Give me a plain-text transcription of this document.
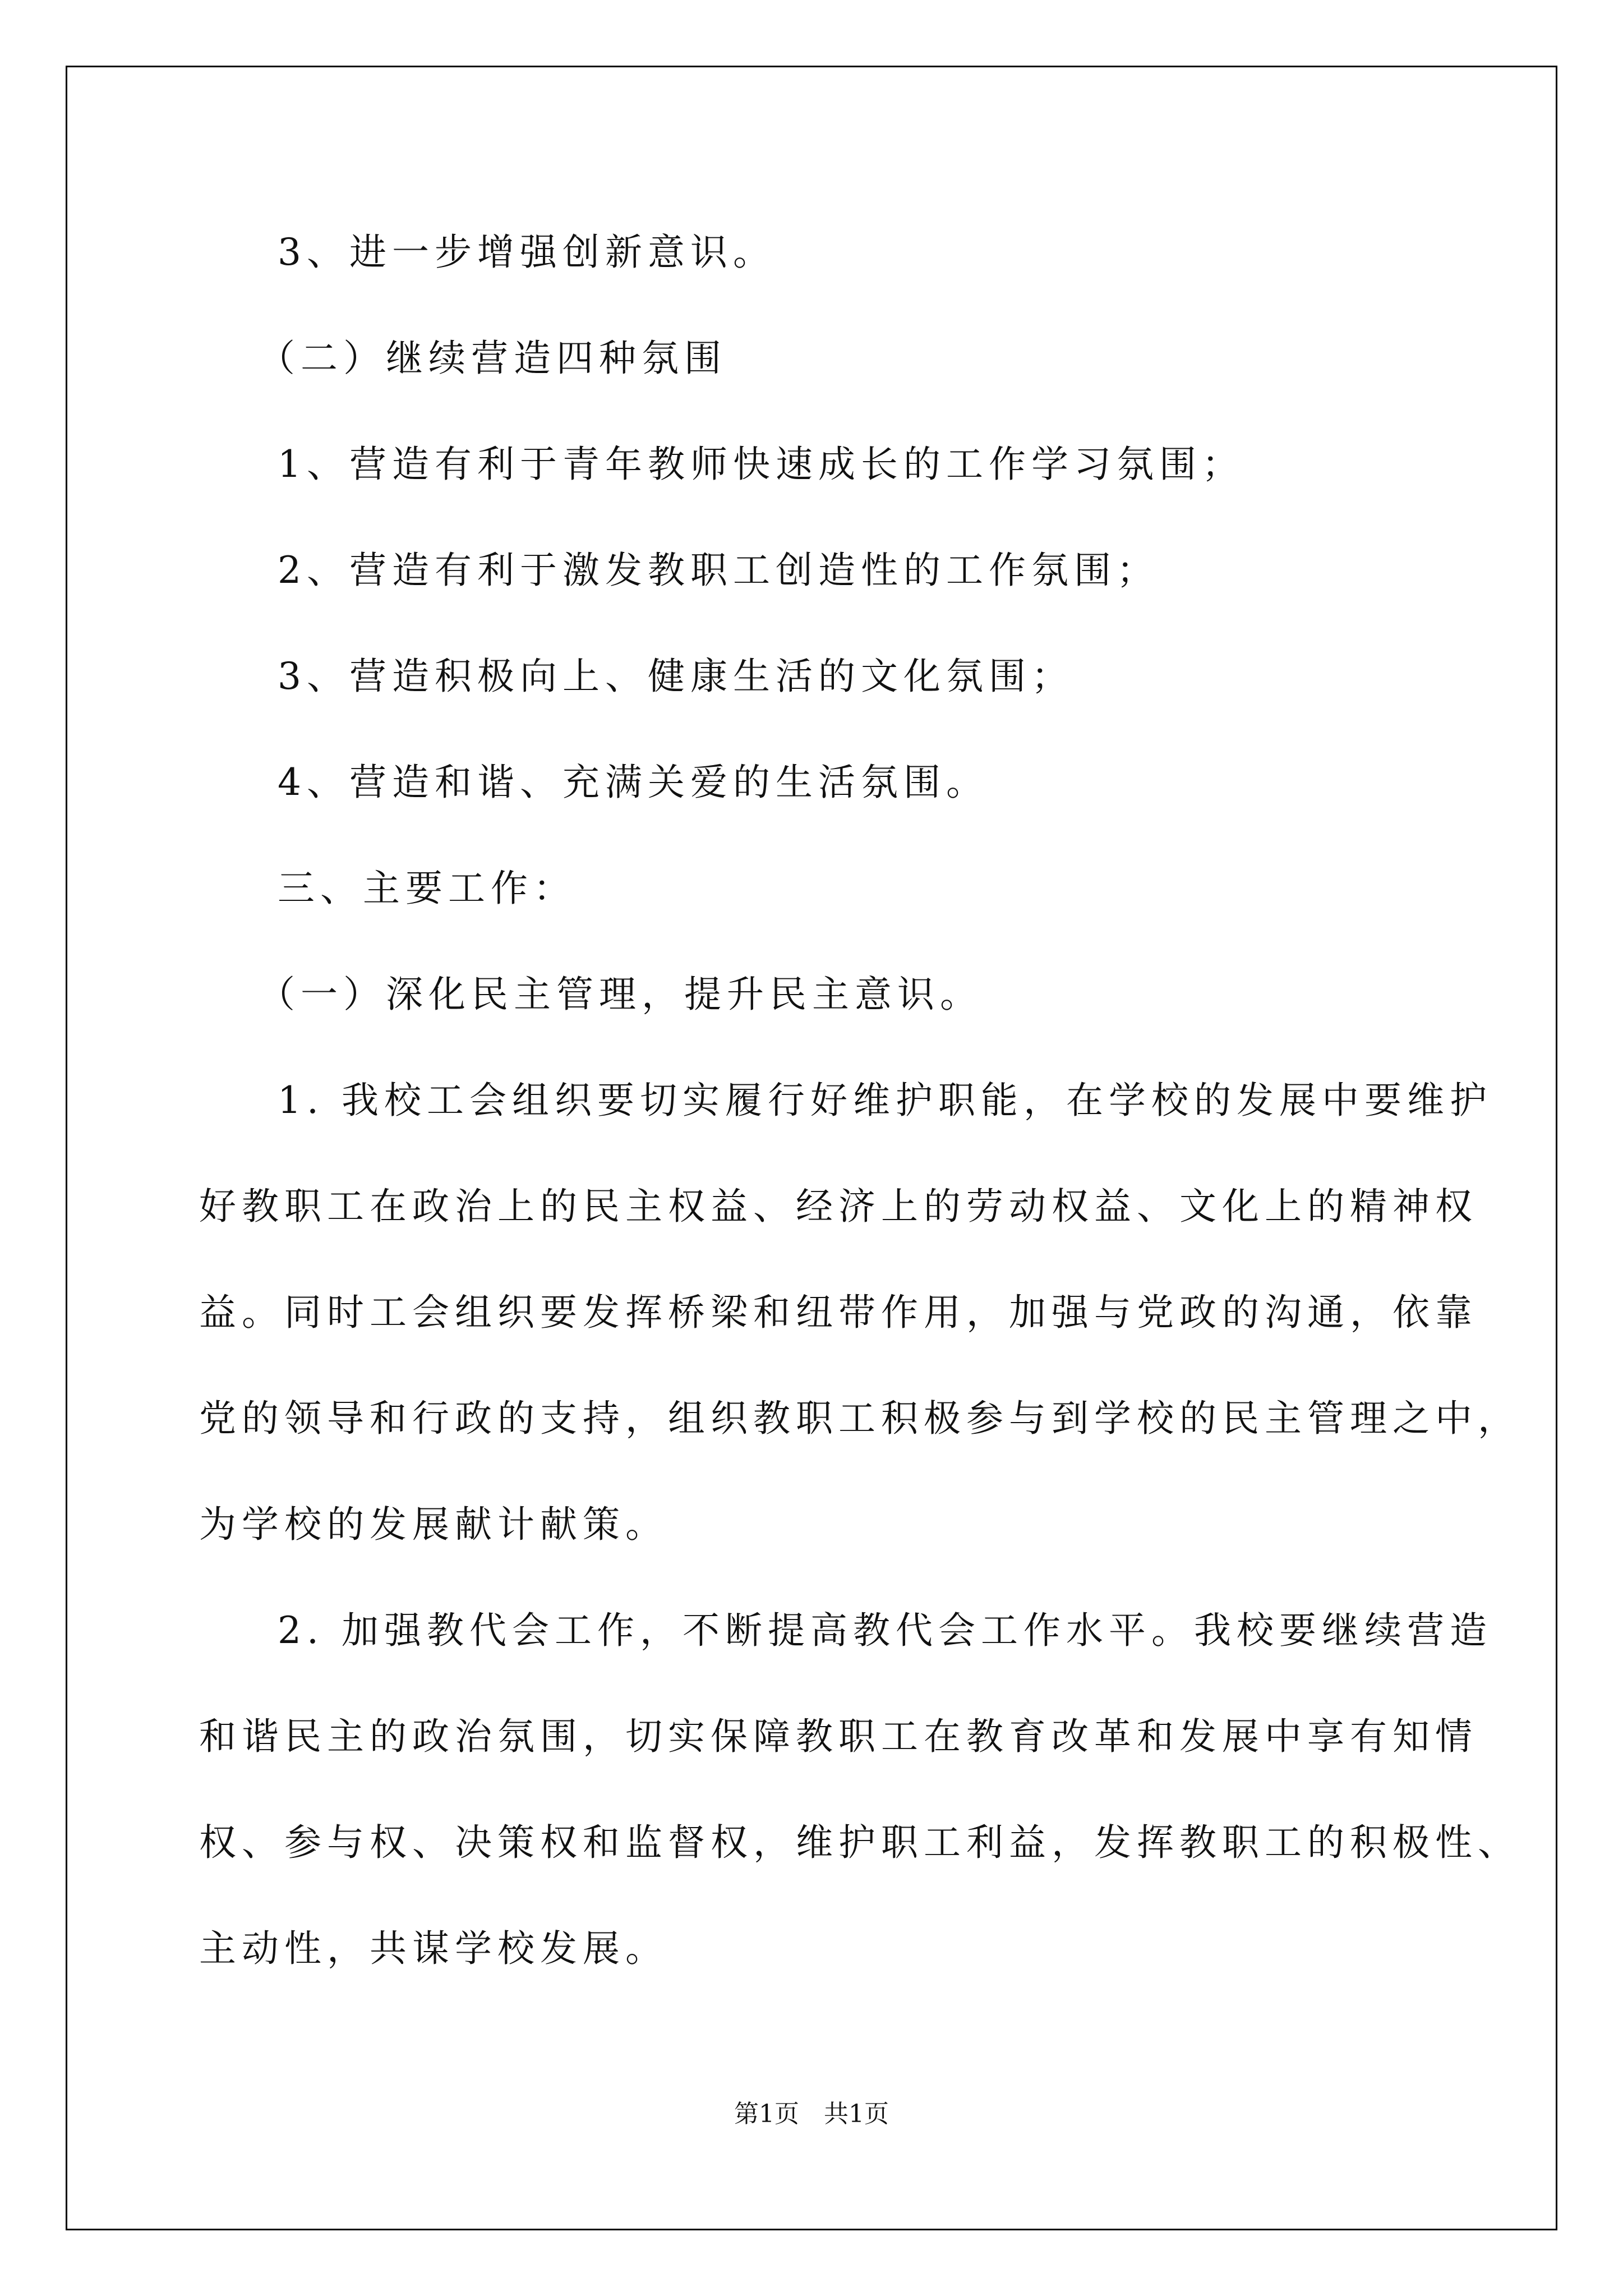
3、进一步增强创新意识。
（二）继续营造四种氛围
1、营造有利于青年教师快速成长的工作学习氛围；
2、营造有利于激发教职工创造性的工作氛围；
3、营造积极向上、健康生活的文化氛围；
4、营造和谐、充满关爱的生活氛围。
三、主要工作：
（一）深化民主管理，提升民主意识。
1. 我校工会组织要切实履行好维护职能，在学校的发展中要维护
好教职工在政治上的民主权益、经济上的劳动权益、文化上的精神权
益。同时工会组织要发挥桥梁和纽带作用，加强与党政的沟通，依靠
党的领导和行政的支持，组织教职工积极参与到学校的民主管理之中，
为学校的发展献计献策。
2. 加强教代会工作，不断提高教代会工作水平。我校要继续营造
和谐民主的政治氛围，切实保障教职工在教育改革和发展中享有知情
权、参与权、决策权和监督权，维护职工利益，发挥教职工的积极性、
主动性，共谋学校发展。
第1页　共1页
